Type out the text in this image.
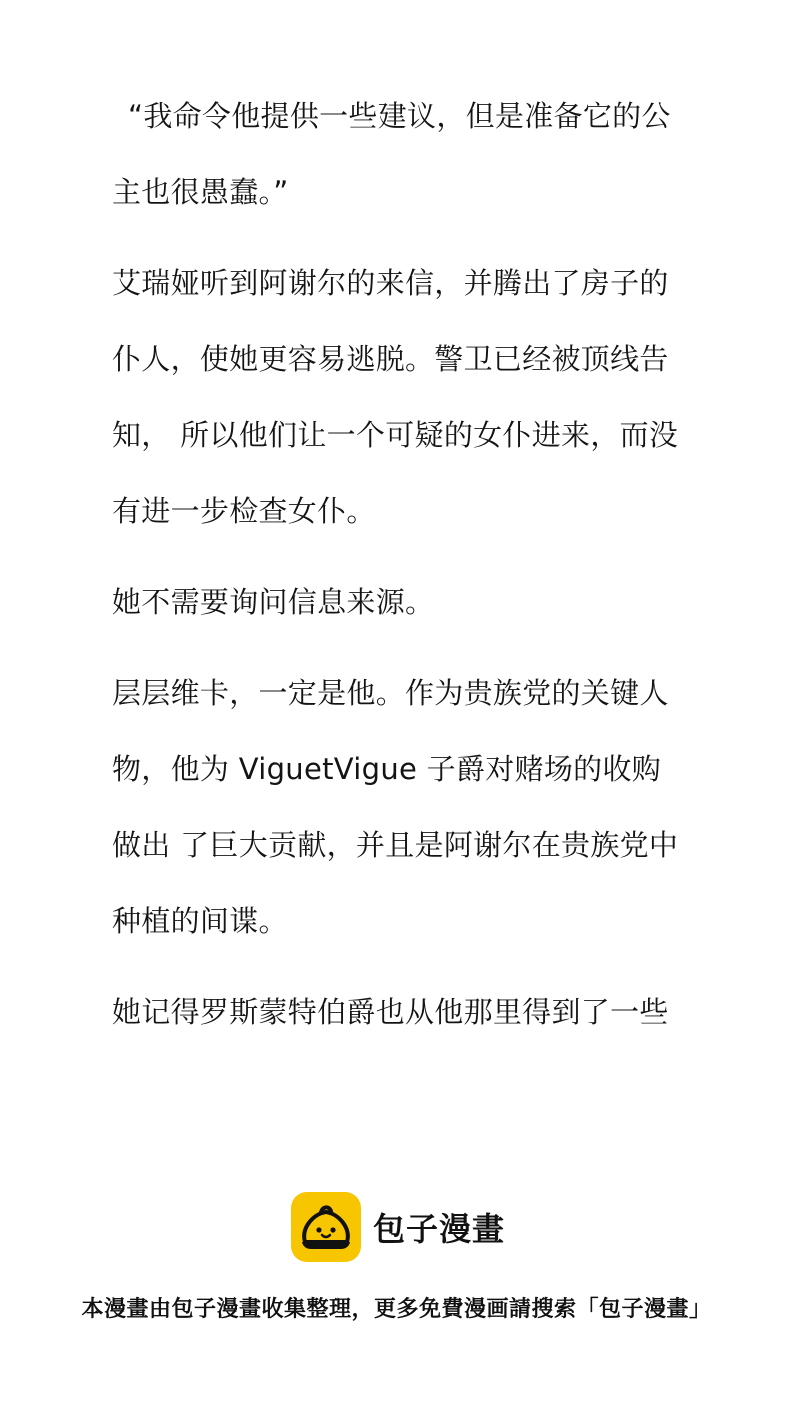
“我命令他提供一些建议，但是准备它的公主也很愚蠢。”

艾瑞娅听到阿谢尔的来信，并腾出了房子的仆人，使她更容易逃脱。警卫已经被顶线告知， 所以他们让一个可疑的女仆进来，而没有进一步检查女仆。

她不需要询问信息来源。

层层维卡，一定是他。作为贵族党的关键人物，他为 ViguetVigue 子爵对赌场的收购做出 了巨大贡献，并且是阿谢尔在贵族党中种植的间谍。

她记得罗斯蒙特伯爵也从他那里得到了一些

包子漫畫
本漫畫由包子漫畫收集整理，更多免費漫画請搜索「包子漫畫」
